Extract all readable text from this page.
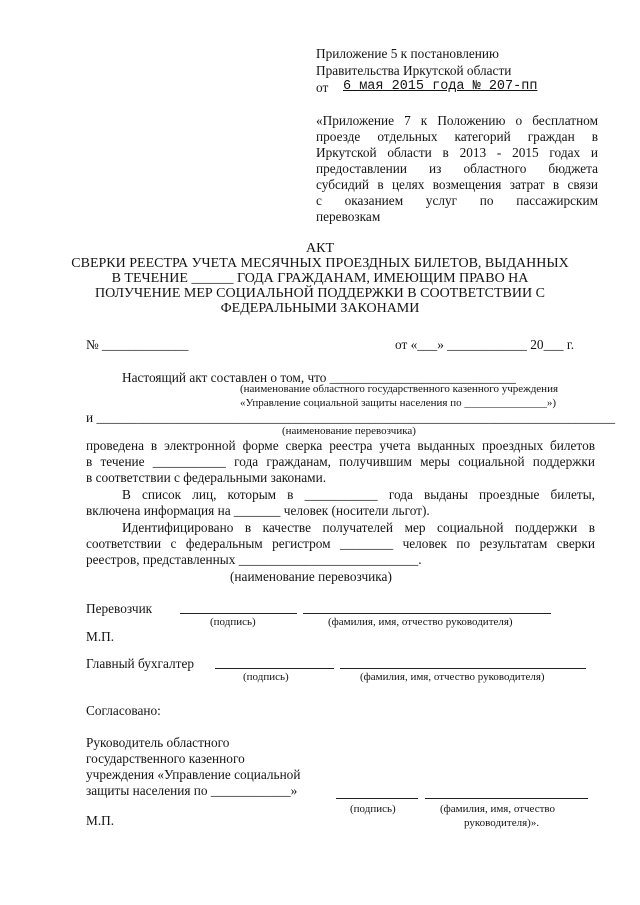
Приложение 5 к постановлению
Правительства Иркутской области
от 6 мая 2015 года № 207-пп
«Приложение 7 к Положению о бесплатном
проезде отдельных категорий граждан в
Иркутской области в 2013 - 2015 годах и
предоставлении из областного бюджета
субсидий в целях возмещения затрат в связи
с оказанием услуг по пассажирским
перевозкам
АКТ
СВЕРКИ РЕЕСТРА УЧЕТА МЕСЯЧНЫХ ПРОЕЗДНЫХ БИЛЕТОВ, ВЫДАННЫХ
В ТЕЧЕНИЕ ______ ГОДА ГРАЖДАНАМ, ИМЕЮЩИМ ПРАВО НА
ПОЛУЧЕНИЕ МЕР СОЦИАЛЬНОЙ ПОДДЕРЖКИ В СООТВЕТСТВИИ С
ФЕДЕРАЛЬНЫМИ ЗАКОНАМИ
№ _____________	от «___» ____________ 20___ г.
Настоящий акт составлен о том, что ____________________________
(наименование областного государственного казенного учреждения
«Управление социальной защиты населения по _______________»)
и ______________________________________________________________________________
(наименование перевозчика)
проведена в электронной форме сверка реестра учета выданных проездных билетов
в течение ___________ года гражданам, получившим меры социальной поддержки
в соответствии с федеральными законами.
В список лиц, которым в ___________ года выданы проездные билеты,
включена информация на _______ человек (носители льгот).
Идентифицировано в качестве получателей мер социальной поддержки в
соответствии с федеральным регистром ________ человек по результатам сверки
реестров, представленных ___________________________.
(наименование перевозчика)
Перевозчик
(подпись)	(фамилия, имя, отчество руководителя)
М.П.
Главный бухгалтер
(подпись)	(фамилия, имя, отчество руководителя)
Согласовано:
Руководитель областного
государственного казенного
учреждения «Управление социальной
защиты населения по ____________»
(подпись)	(фамилия, имя, отчество
руководителя)».
М.П.
